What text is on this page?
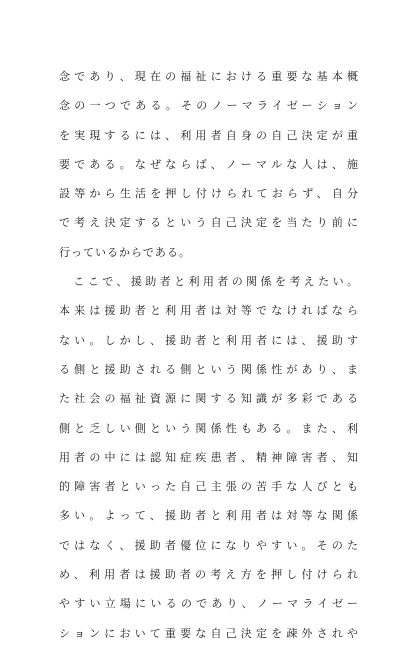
念であり、現在の福祉における重要な基本概
念の一つである。そのノーマライゼーション
を実現するには、利用者自身の自己決定が重
要である。なぜならば、ノーマルな人は、施
設等から生活を押し付けられておらず、自分
で考え決定するという自己決定を当たり前に
行っているからである。
　ここで、援助者と利用者の関係を考えたい。
本来は援助者と利用者は対等でなければなら
ない。しかし、援助者と利用者には、援助す
る側と援助される側という関係性があり、ま
た社会の福祉資源に関する知識が多彩である
側と乏しい側という関係性もある。また、利
用者の中には認知症疾患者、精神障害者、知
的障害者といった自己主張の苦手な人びとも
多い。よって、援助者と利用者は対等な関係
ではなく、援助者優位になりやすい。そのた
め、利用者は援助者の考え方を押し付けられ
やすい立場にいるのであり、ノーマライゼー
ションにおいて重要な自己決定を疎外されや
